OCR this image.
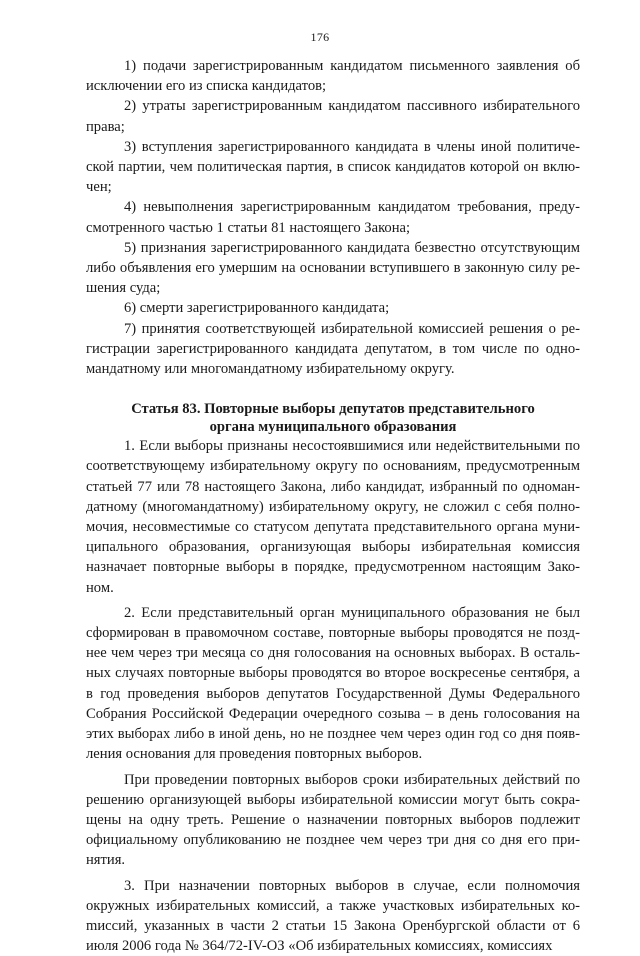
176

1) подачи зарегистрированным кандидатом письменного заявления об исключении его из списка кандидатов;

2) утраты зарегистрированным кандидатом пассивного избирательного права;

3) вступления зарегистрированного кандидата в члены иной политической партии, чем политическая партия, в список кандидатов которой он включен;

4) невыполнения зарегистрированным кандидатом требования, предусмотренного частью 1 статьи 81 настоящего Закона;

5) признания зарегистрированного кандидата безвестно отсутствующим либо объявления его умершим на основании вступившего в законную силу решения суда;

6) смерти зарегистрированного кандидата;

7) принятия соответствующей избирательной комиссией решения о регистрации зарегистрированного кандидата депутатом, в том числе по одномандатному или многомандатному избирательному округу.

Статья 83. Повторные выборы депутатов представительного
органа муниципального образования

1. Если выборы признаны несостоявшимися или недействительными по соответствующему избирательному округу по основаниям, предусмотренным статьей 77 или 78 настоящего Закона, либо кандидат, избранный по одномандатному (многомандатному) избирательному округу, не сложил с себя полномочия, несовместимые со статусом депутата представительного органа муниципального образования, организующая выборы избирательная комиссия назначает повторные выборы в порядке, предусмотренном настоящим Законом.

2. Если представительный орган муниципального образования не был сформирован в правомочном составе, повторные выборы проводятся не позднее чем через три месяца со дня голосования на основных выборах. В остальных случаях повторные выборы проводятся во второе воскресенье сентября, а в год проведения выборов депутатов Государственной Думы Федерального Собрания Российской Федерации очередного созыва – в день голосования на этих выборах либо в иной день, но не позднее чем через один год со дня появления основания для проведения повторных выборов.

При проведении повторных выборов сроки избирательных действий по решению организующей выборы избирательной комиссии могут быть сокращены на одну треть. Решение о назначении повторных выборов подлежит официальному опубликованию не позднее чем через три дня со дня его принятия.

3. При назначении повторных выборов в случае, если полномочия окружных избирательных комиссий, а также участковых избирательных коmиссий, указанных в части 2 статьи 15 Закона Оренбургской области от 6 июля 2006 года № 364/72-IV-ОЗ «Об избирательных комиссиях, комиссиях
